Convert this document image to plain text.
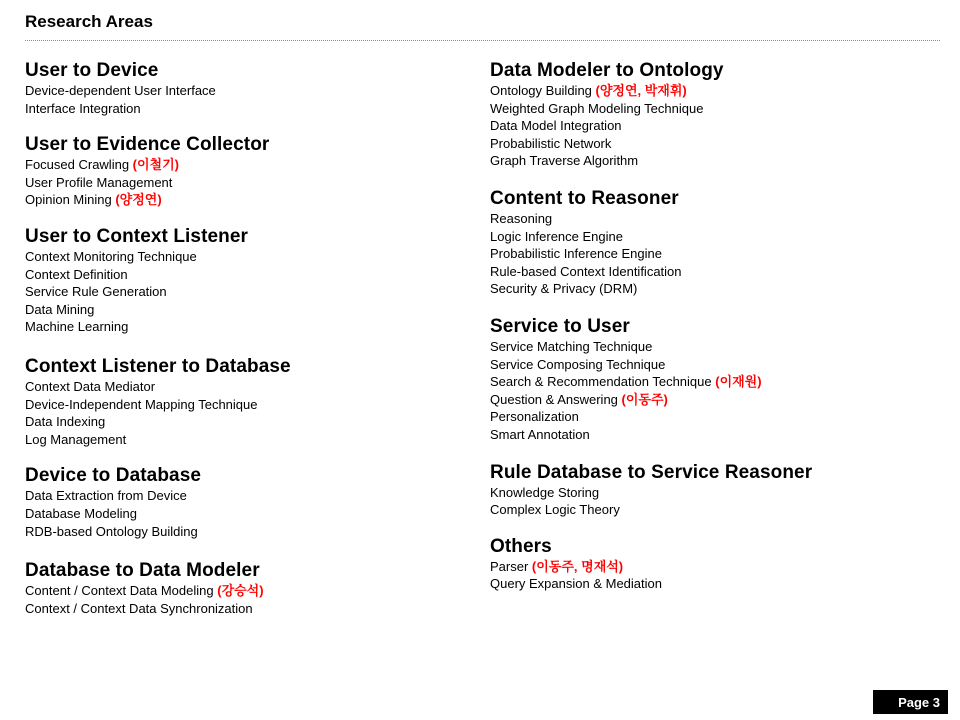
Research Areas
User to Device
Device-dependent User Interface
Interface Integration
User to Evidence Collector
Focused Crawling (이철기)
User Profile Management
Opinion Mining (양정연)
User to Context Listener
Context Monitoring Technique
Context Definition
Service Rule Generation
Data Mining
Machine Learning
Context Listener to Database
Context Data Mediator
Device-Independent Mapping Technique
Data Indexing
Log Management
Device to Database
Data Extraction from Device
Database Modeling
RDB-based Ontology Building
Database to Data Modeler
Content / Context Data Modeling (강승석)
Context / Context Data Synchronization
Data Modeler to Ontology
Ontology Building (양정연, 박재휘)
Weighted Graph Modeling Technique
Data Model Integration
Probabilistic Network
Graph Traverse Algorithm
Content to Reasoner
Reasoning
Logic Inference Engine
Probabilistic Inference Engine
Rule-based Context Identification
Security & Privacy (DRM)
Service to User
Service Matching Technique
Service Composing Technique
Search & Recommendation Technique (이재원)
Question & Answering (이동주)
Personalization
Smart Annotation
Rule Database to Service Reasoner
Knowledge Storing
Complex Logic Theory
Others
Parser (이동주, 명재석)
Query Expansion & Mediation
Page 3
